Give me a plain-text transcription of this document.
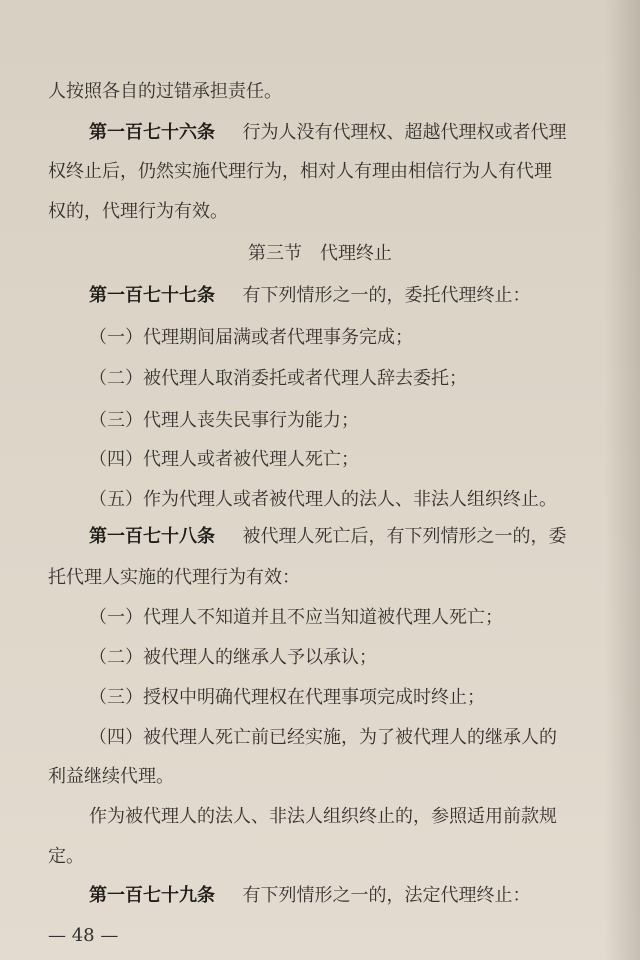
人按照各自的过错承担责任。
第一百七十六条 行为人没有代理权、超越代理权或者代理
权终止后，仍然实施代理行为，相对人有理由相信行为人有代理
权的，代理行为有效。
第三节　代理终止
第一百七十七条 有下列情形之一的，委托代理终止：
（一）代理期间届满或者代理事务完成；
（二）被代理人取消委托或者代理人辞去委托；
（三）代理人丧失民事行为能力；
（四）代理人或者被代理人死亡；
（五）作为代理人或者被代理人的法人、非法人组织终止。
第一百七十八条 被代理人死亡后，有下列情形之一的，委
托代理人实施的代理行为有效：
（一）代理人不知道并且不应当知道被代理人死亡；
（二）被代理人的继承人予以承认；
（三）授权中明确代理权在代理事项完成时终止；
（四）被代理人死亡前已经实施，为了被代理人的继承人的
利益继续代理。
作为被代理人的法人、非法人组织终止的，参照适用前款规
定。
第一百七十九条 有下列情形之一的，法定代理终止：
— 48 —
